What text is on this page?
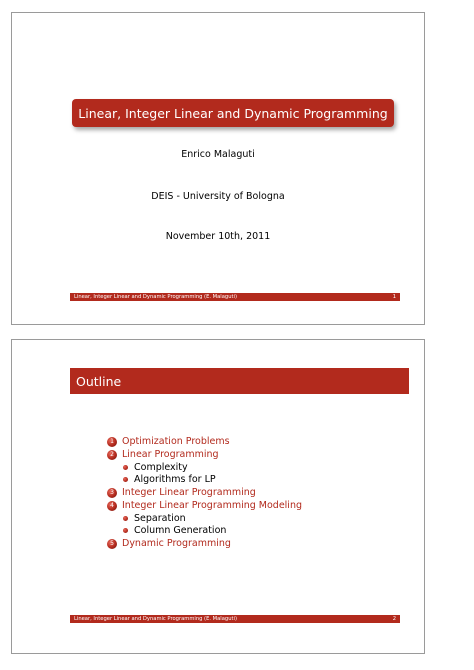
Linear, Integer Linear and Dynamic Programming
Enrico Malaguti
DEIS - University of Bologna
November 10th, 2011
Linear, Integer Linear and Dynamic Programming (E. Malaguti)	1
Outline
1 Optimization Problems
2 Linear Programming
Complexity
Algorithms for LP
3 Integer Linear Programming
4 Integer Linear Programming Modeling
Separation
Column Generation
5 Dynamic Programming
Linear, Integer Linear and Dynamic Programming (E. Malaguti)	2
